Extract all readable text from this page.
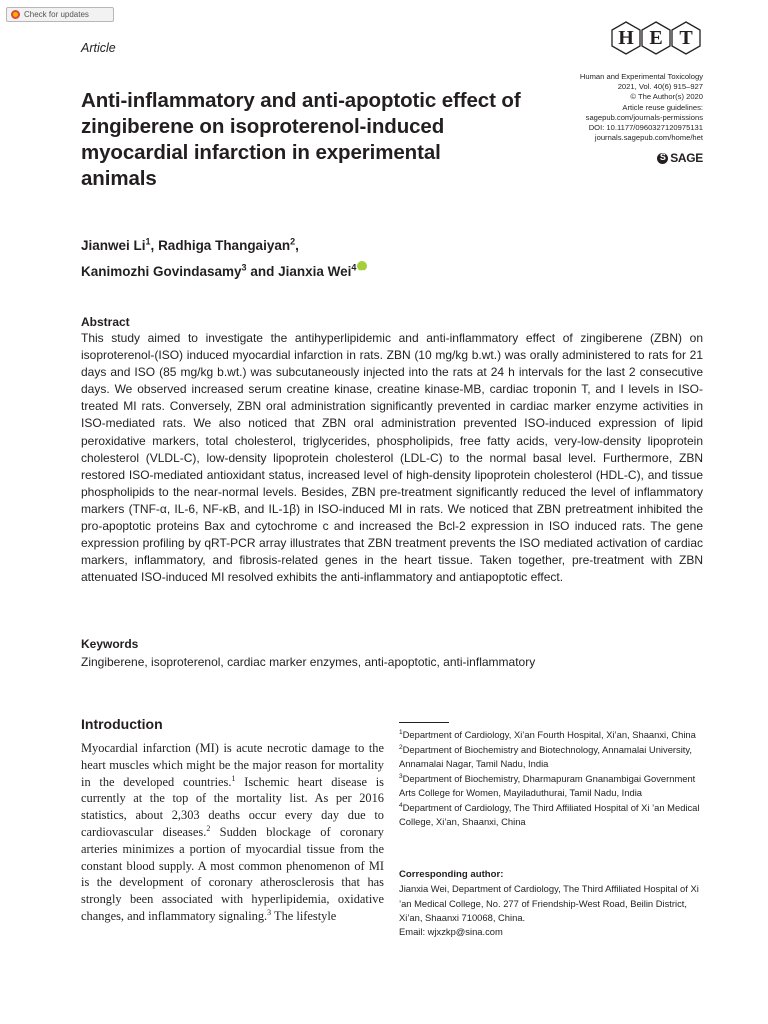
Check for updates
Article	H E T
Human and Experimental Toxicology
2021, Vol. 40(6) 915–927
© The Author(s) 2020
Article reuse guidelines:
sagepub.com/journals-permissions
DOI: 10.1177/0960327120975131
journals.sagepub.com/home/het
S
SAGE
Anti-inflammatory and anti-apoptotic effect of zingiberene on isoproterenol-induced myocardial infarction in experimental animals
Jianwei Li$^1$, Radhiga Thangaiyan$^2$,
Kanimozhi Govindasamy$^3$ and Jianxia Wei$^4$iD
Abstract

This study aimed to investigate the antihyperlipidemic and anti-inflammatory effect of zingiberene (ZBN) on isoproterenol-(ISO) induced myocardial infarction in rats. ZBN (10 mg/kg b.wt.) was orally administered to rats for 21 days and ISO (85 mg/kg b.wt.) was subcutaneously injected into the rats at 24 h intervals for the last 2 consecutive days. We observed increased serum creatine kinase, creatine kinase-MB, cardiac troponin T, and I levels in ISO-treated MI rats. Conversely, ZBN oral administration significantly prevented in cardiac marker enzyme activities in ISO-mediated rats. We also noticed that ZBN oral administration prevented ISO-induced expression of lipid peroxidative markers, total cholesterol, triglycerides, phospholipids, free fatty acids, very-low-density lipoprotein cholesterol (VLDL-C), low-density lipoprotein cholesterol (LDL-C) to the normal basal level. Furthermore, ZBN restored ISO-mediated antioxidant status, increased level of high-density lipoprotein cholesterol (HDL-C), and tissue phospholipids to the near-normal levels. Besides, ZBN pre-treatment significantly reduced the level of inflammatory markers (TNF-α, IL-6, NF-κB, and IL-1β) in ISO-induced MI in rats. We noticed that ZBN pretreatment inhibited the pro-apoptotic proteins Bax and cytochrome c and increased the Bcl-2 expression in ISO induced rats. The gene expression profiling by qRT-PCR array illustrates that ZBN treatment prevents the ISO mediated activation of cardiac markers, inflammatory, and fibrosis-related genes in the heart tissue. Taken together, pre-treatment with ZBN attenuated ISO-induced MI resolved exhibits the anti-inflammatory and antiapoptotic effect.

Keywords

Zingiberene, isoproterenol, cardiac marker enzymes, anti-apoptotic, anti-inflammatory

Introduction

Myocardial infarction (MI) is acute necrotic damage to the heart muscles which might be the major reason for mortality in the developed countries.$^1$ Ischemic heart disease is currently at the top of the mortality list. As per 2016 statistics, about 2,303 deaths occur every day due to cardiovascular diseases.$^2$ Sudden blockage of coronary arteries minimizes a portion of myocardial tissue from the constant blood supply. A most common phenomenon of MI is the development of coronary atherosclerosis that has strongly been associated with hyperlipidemia, oxidative changes, and inflammatory signaling.$^3$ The lifestyle

$^1$Department of Cardiology, Xi’an Fourth Hospital, Xi’an, Shaanxi, China

$^2$Department of Biochemistry and Biotechnology, Annamalai University, Annamalai Nagar, Tamil Nadu, India

$^3$Department of Biochemistry, Dharmapuram Gnanambigai Government Arts College for Women, Mayiladuthurai, Tamil Nadu, India

$^4$Department of Cardiology, The Third Affiliated Hospital of Xi ’an Medical College, Xi’an, Shaanxi, China

Corresponding author:

Jianxia Wei, Department of Cardiology, The Third Affiliated Hospital of Xi ’an Medical College, No. 277 of Friendship-West Road, Beilin District, Xi’an, Shaanxi 710068, China.

Email: wjxzkp@sina.com
